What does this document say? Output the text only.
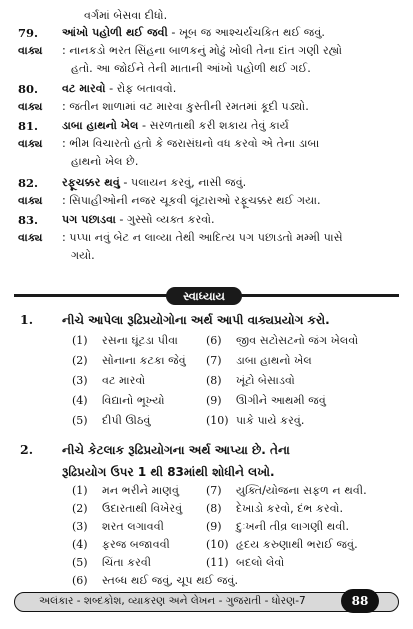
વર્ગમાં બેસવા દીધો.
79. આંખો પહોળી થઈ જવી - ખૂબ જ આશ્ચર્યચકિત થઈ જવું.
વાક્ય : નાનકડો ભરત સિંહના બાળકનું મોઢું ખોલી તેના દાંત ગણી રહ્યો
હતો. આ જોઈને તેની માતાની આંખો પહોળી થઈ ગઈ.
80. વટ મારવો - રોફ બતાવવો.
વાક્ય : જતીન શાળામાં વટ મારવા કુસ્તીની રમતમાં કૂદી પડ્યો.
81. ડાબા હાથનો ખેલ - સરળતાથી કરી શકાય તેવું કાર્ય
વાક્ય : ભીમ વિચારતો હતો કે જરાસંઘનો વધ કરવો એ તેના ડાબા
હાથનો ખેલ છે.
82. રફૂચક્કર થવું - પલાયન કરવું, નાસી જવું.
વાક્ય : સિપાહીઓની નજર ચૂકવી લૂંટારાઓ રફૂચક્કર થઈ ગયા.
83. પગ પછાડવા - ગુસ્સો વ્યક્ત કરવો.
વાક્ય : પપ્પા નવું બેટ ન લાવ્યા તેથી આદિત્ય પગ પછાડતો મમ્મી પાસે
ગયો.
સ્વાધ્યાય
1. નીચે આપેલા રૂઢિપ્રયોગોના અર્થ આપી વાક્યપ્રયોગ કરો.
(1) રસના ઘૂંટડા પીવા
(2) સોનાના કટકા જેવું
(3) વટ મારવો
(4) વિદ્યાનો ભૂખ્યો
(5) દીપી ઊઠવું
(6) જીવ સટોસટનો જંગ ખેલવો
(7) ડાબા હાથનો ખેલ
(8) ખૂંટો બેસાડવો
(9) ઊગીને આથમી જવું
(10) પાકે પાયે કરવું.
2. નીચે કેટલાક રૂઢિપ્રયોગના અર્થ આપ્યા છે. તેના
રૂઢિપ્રયોગ ઉપર 1 થી 83માંથી શોધીને લખો.
(1) મન ભરીને માણવું
(2) ઉદારતાથી વિખેરવું
(3) શરત લગાવવી
(4) ફરજ બજાવવી
(5) ચિંતા કરવી
(7) યુક્તિ/યોજના સફળ ન થવી.
(8) દેખાડો કરવો, દંભ કરવો.
(9) દુઃખની તીવ્ર લાગણી થવી.
(10) હૃદય કરુણાથી ભરાઈ જવું.
(11) બદલો લેવો
(6) સ્તબ્ધ થઈ જવું, ચૂપ થઈ જવું.
અલંકાર - શબ્દકોશ, વ્યાકરણ અને લેખન - ગુજરાતી - ધોરણ-7	88
